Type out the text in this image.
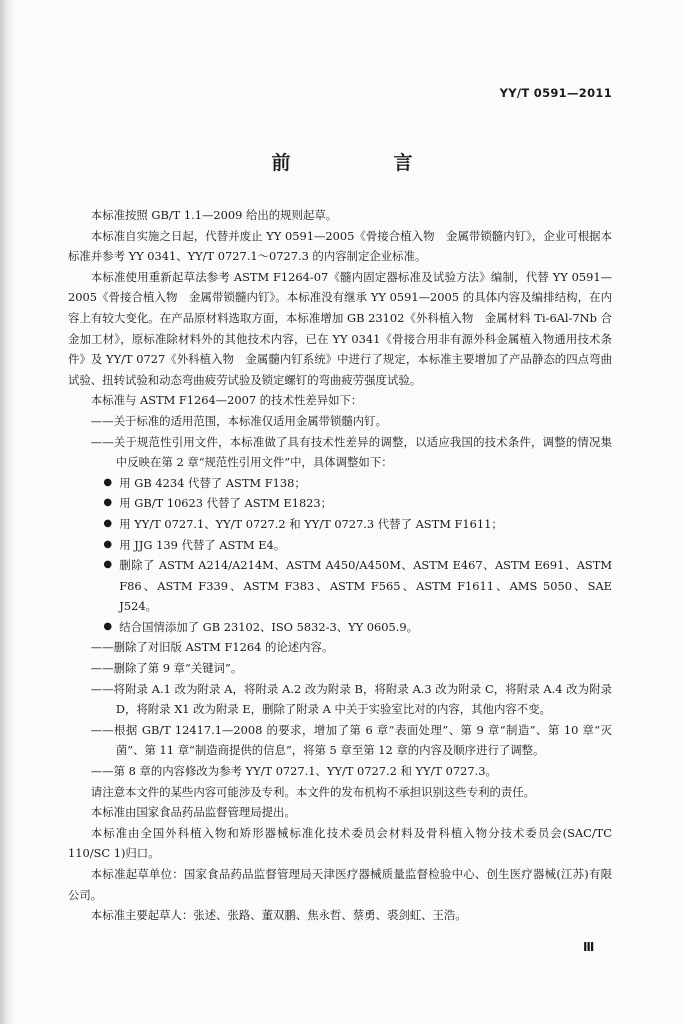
YY/T 0591—2011
前　言

本标准按照 GB/T 1.1—2009 给出的规则起草。

本标准自实施之日起，代替并废止 YY 0591—2005《骨接合植入物　金属带锁髓内钉》，企业可根据本标准并参考 YY 0341、YY/T 0727.1～0727.3 的内容制定企业标准。

本标准使用重新起草法参考 ASTM F1264-07《髓内固定器标准及试验方法》编制，代替 YY 0591—2005《骨接合植入物　金属带锁髓内钉》。本标准没有继承 YY 0591—2005 的具体内容及编排结构，在内容上有较大变化。在产品原材料选取方面，本标准增加 GB 23102《外科植入物　金属材料 Ti-6Al-7Nb 合金加工材》，原标准除材料外的其他技术内容，已在 YY 0341《骨接合用非有源外科金属植入物通用技术条件》及 YY/T 0727《外科植入物　金属髓内钉系统》中进行了规定，本标准主要增加了产品静态的四点弯曲试验、扭转试验和动态弯曲疲劳试验及锁定螺钉的弯曲疲劳强度试验。

本标准与 ASTM F1264—2007 的技术性差异如下：

——关于标准的适用范围，本标准仅适用金属带锁髓内钉。

——关于规范性引用文件，本标准做了具有技术性差异的调整，以适应我国的技术条件，调整的情况集中反映在第 2 章“规范性引用文件”中，具体调整如下：

● 用 GB 4234 代替了 ASTM F138；
● 用 GB/T 10623 代替了 ASTM E1823；
● 用 YY/T 0727.1、YY/T 0727.2 和 YY/T 0727.3 代替了 ASTM F1611；
● 用 JJG 139 代替了 ASTM E4。
● 删除了 ASTM A214/A214M、ASTM A450/A450M、ASTM E467、ASTM E691、ASTM F86、ASTM F339、ASTM F383、ASTM F565、ASTM F1611、AMS 5050、SAE J524。
● 结合国情添加了 GB 23102、ISO 5832-3、YY 0605.9。

——删除了对旧版 ASTM F1264 的论述内容。

——删除了第 9 章“关键词”。

——将附录 A.1 改为附录 A，将附录 A.2 改为附录 B，将附录 A.3 改为附录 C，将附录 A.4 改为附录 D，将附录 X1 改为附录 E，删除了附录 A 中关于实验室比对的内容，其他内容不变。

——根据 GB/T 12417.1—2008 的要求，增加了第 6 章“表面处理”、第 9 章“制造”、第 10 章“灭菌”、第 11 章“制造商提供的信息”，将第 5 章至第 12 章的内容及顺序进行了调整。

——第 8 章的内容修改为参考 YY/T 0727.1、YY/T 0727.2 和 YY/T 0727.3。

请注意本文件的某些内容可能涉及专利。本文件的发布机构不承担识别这些专利的责任。

本标准由国家食品药品监督管理局提出。

本标准由全国外科植入物和矫形器械标准化技术委员会材料及骨科植入物分技术委员会(SAC/TC 110/SC 1)归口。

本标准起草单位：国家食品药品监督管理局天津医疗器械质量监督检验中心、创生医疗器械(江苏)有限公司。

本标准主要起草人：张述、张路、董双鹏、焦永哲、蔡勇、裘剑虹、王浩。

Ⅲ
